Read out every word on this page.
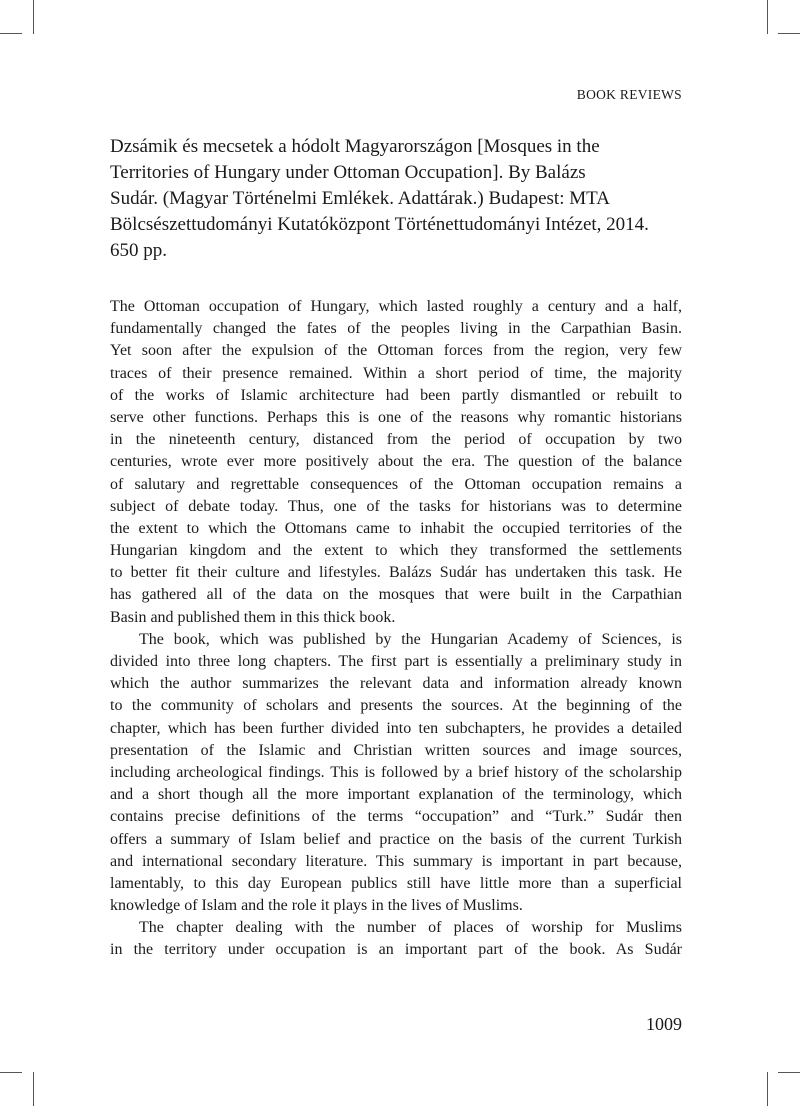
BOOK REVIEWS
Dzsámik és mecsetek a hódolt Magyarországon [Mosques in the
Territories of Hungary under Ottoman Occupation]. By Balázs
Sudár. (Magyar Történelmi Emlékek. Adattárak.) Budapest: MTA
Bölcsészettudományi Kutatóközpont Történettudományi Intézet, 2014.
650 pp.
The Ottoman occupation of Hungary, which lasted roughly a century and a half,
fundamentally changed the fates of the peoples living in the Carpathian Basin.
Yet soon after the expulsion of the Ottoman forces from the region, very few
traces of their presence remained. Within a short period of time, the majority
of the works of Islamic architecture had been partly dismantled or rebuilt to
serve other functions. Perhaps this is one of the reasons why romantic historians
in the nineteenth century, distanced from the period of occupation by two
centuries, wrote ever more positively about the era. The question of the balance
of salutary and regrettable consequences of the Ottoman occupation remains a
subject of debate today. Thus, one of the tasks for historians was to determine
the extent to which the Ottomans came to inhabit the occupied territories of the
Hungarian kingdom and the extent to which they transformed the settlements
to better fit their culture and lifestyles. Balázs Sudár has undertaken this task. He
has gathered all of the data on the mosques that were built in the Carpathian
Basin and published them in this thick book.
The book, which was published by the Hungarian Academy of Sciences, is
divided into three long chapters. The first part is essentially a preliminary study in
which the author summarizes the relevant data and information already known
to the community of scholars and presents the sources. At the beginning of the
chapter, which has been further divided into ten subchapters, he provides a detailed
presentation of the Islamic and Christian written sources and image sources,
including archeological findings. This is followed by a brief history of the scholarship
and a short though all the more important explanation of the terminology, which
contains precise definitions of the terms “occupation” and “Turk.” Sudár then
offers a summary of Islam belief and practice on the basis of the current Turkish
and international secondary literature. This summary is important in part because,
lamentably, to this day European publics still have little more than a superficial
knowledge of Islam and the role it plays in the lives of Muslims.
The chapter dealing with the number of places of worship for Muslims
in the territory under occupation is an important part of the book. As Sudár
1009
